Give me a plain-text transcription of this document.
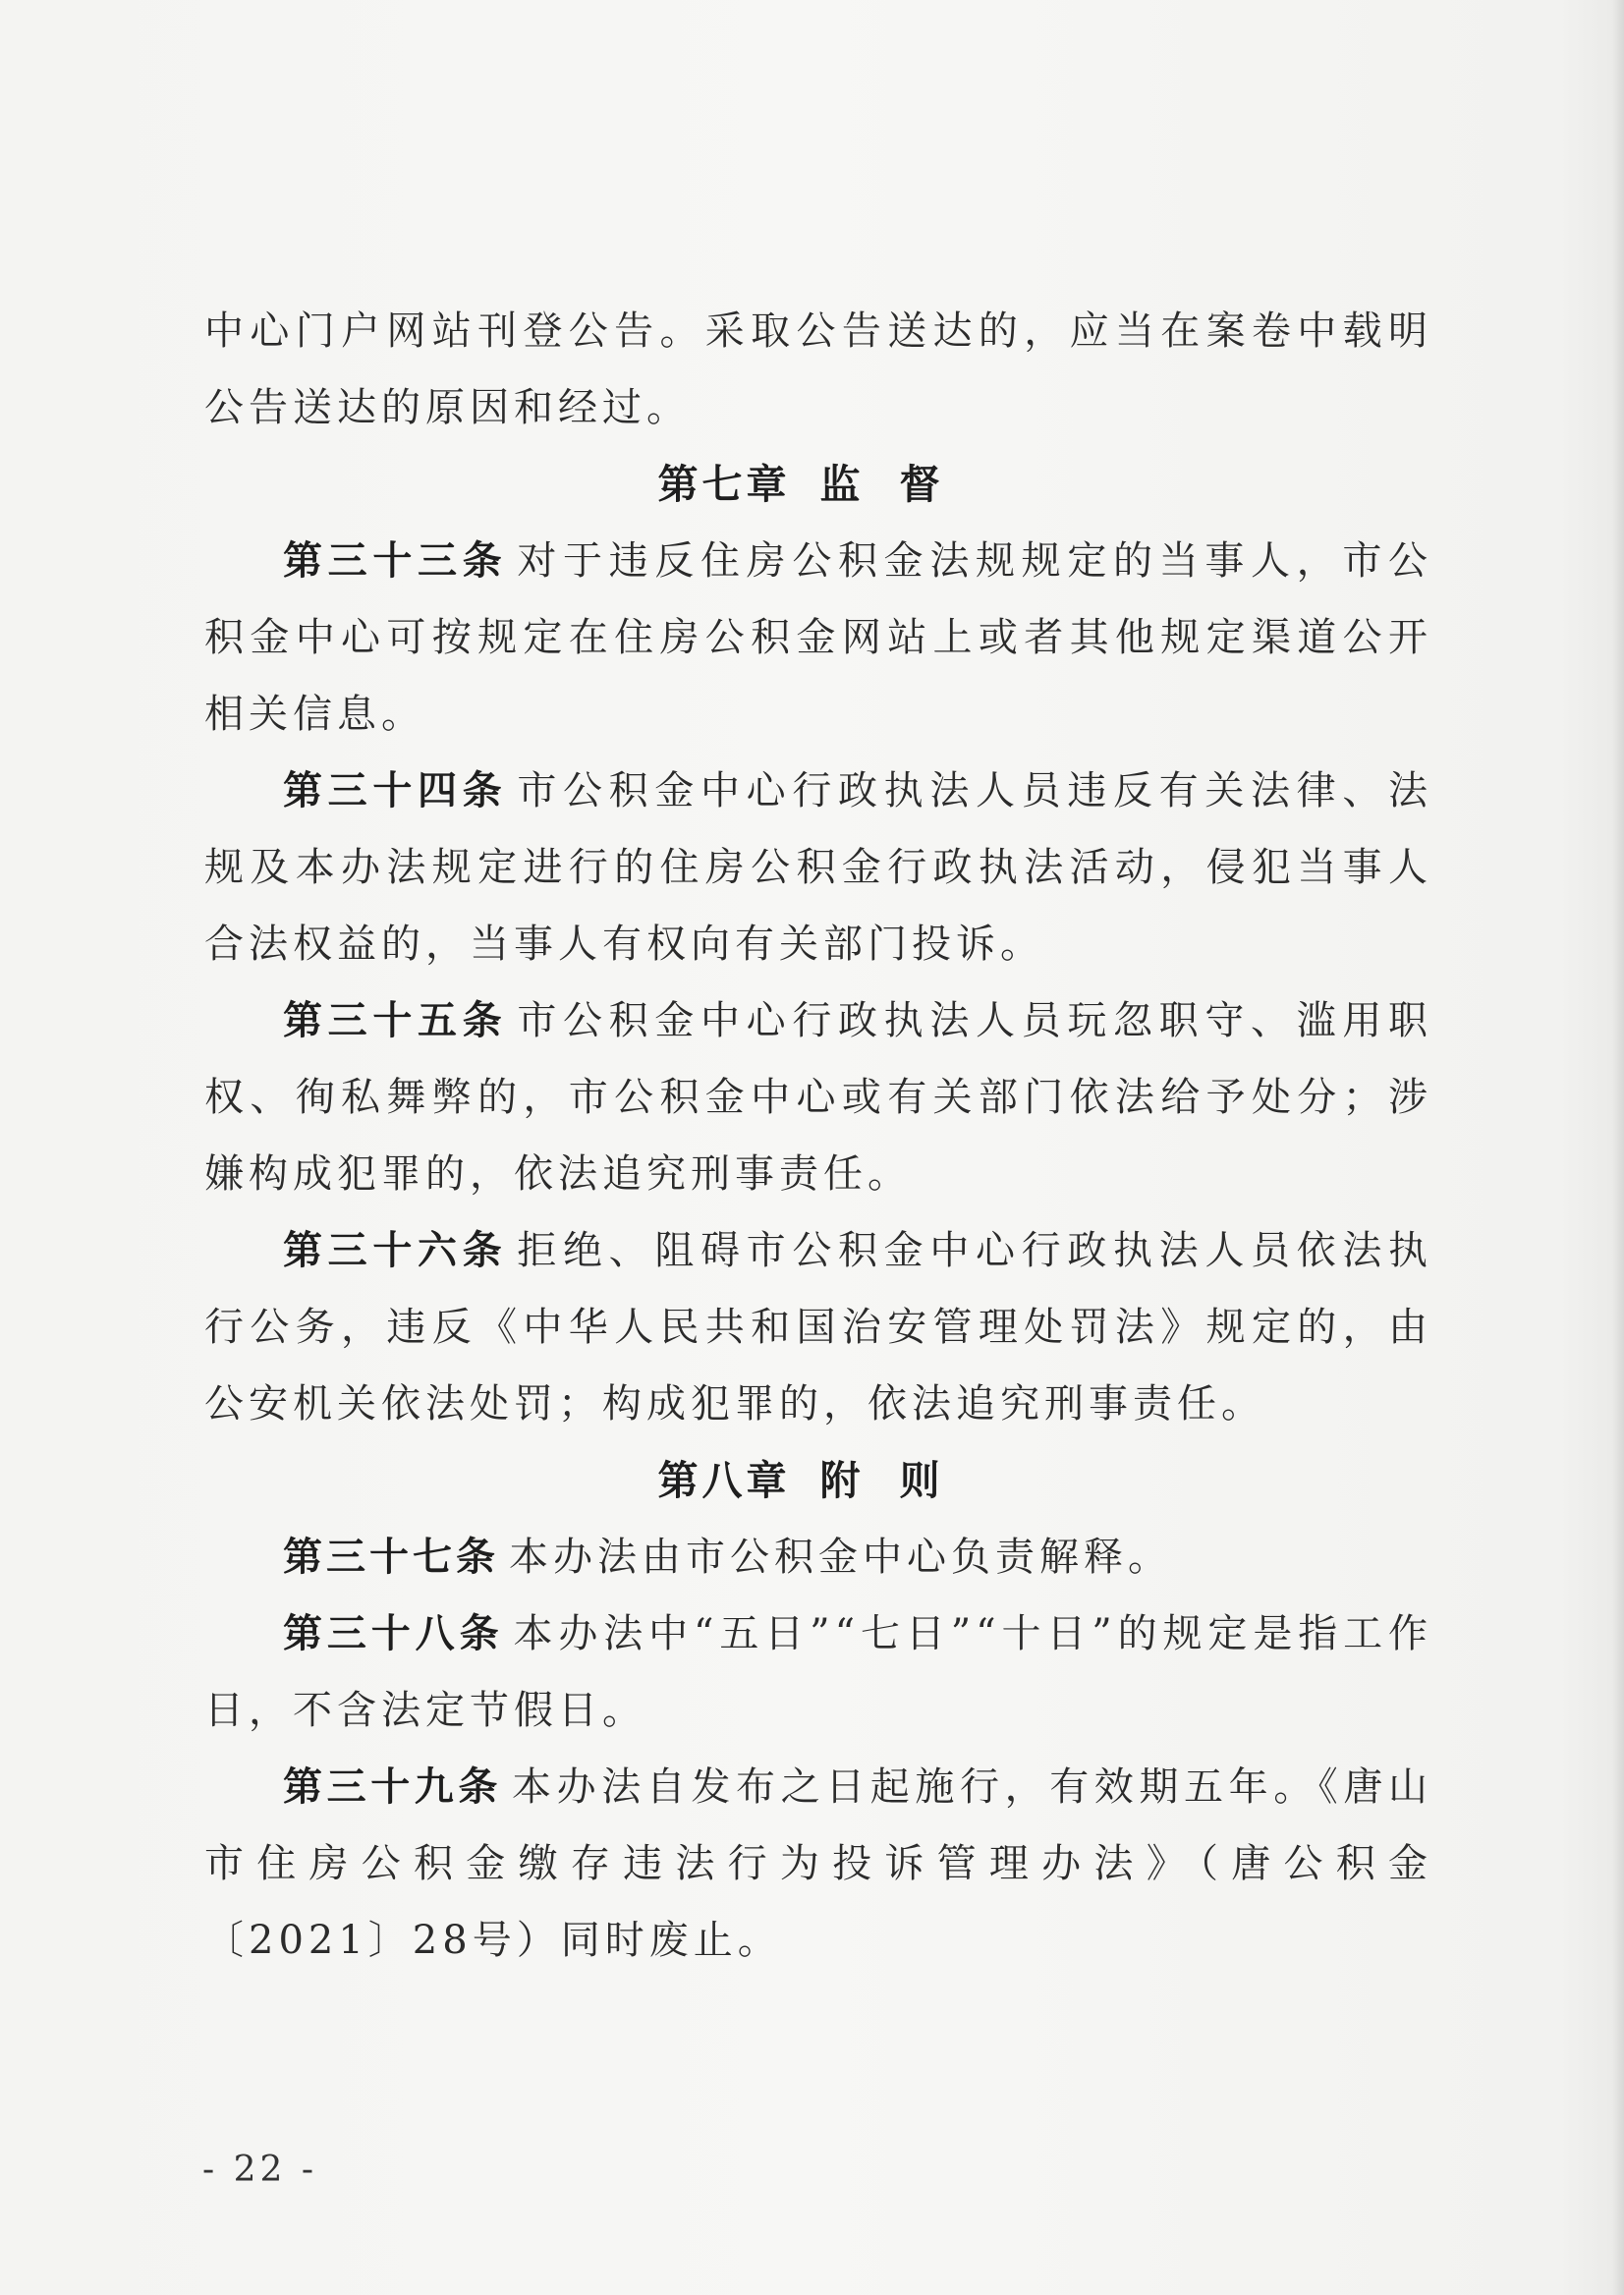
中心门户网站刊登公告。采取公告送达的，应当在案卷中载明公告送达的原因和经过。

第七章 监督

第三十三条 对于违反住房公积金法规规定的当事人，市公积金中心可按规定在住房公积金网站上或者其他规定渠道公开相关信息。

第三十四条 市公积金中心行政执法人员违反有关法律、法规及本办法规定进行的住房公积金行政执法活动，侵犯当事人合法权益的，当事人有权向有关部门投诉。

第三十五条 市公积金中心行政执法人员玩忽职守、滥用职权、徇私舞弊的，市公积金中心或有关部门依法给予处分；涉嫌构成犯罪的，依法追究刑事责任。

第三十六条 拒绝、阻碍市公积金中心行政执法人员依法执行公务，违反《中华人民共和国治安管理处罚法》规定的，由公安机关依法处罚；构成犯罪的，依法追究刑事责任。

第八章 附则

第三十七条 本办法由市公积金中心负责解释。

第三十八条 本办法中“五日”“七日”“十日”的规定是指工作日，不含法定节假日。

第三十九条 本办法自发布之日起施行，有效期五年。《唐山市住房公积金缴存违法行为投诉管理办法》（唐公积金〔2021〕28号）同时废止。

- 22 -
